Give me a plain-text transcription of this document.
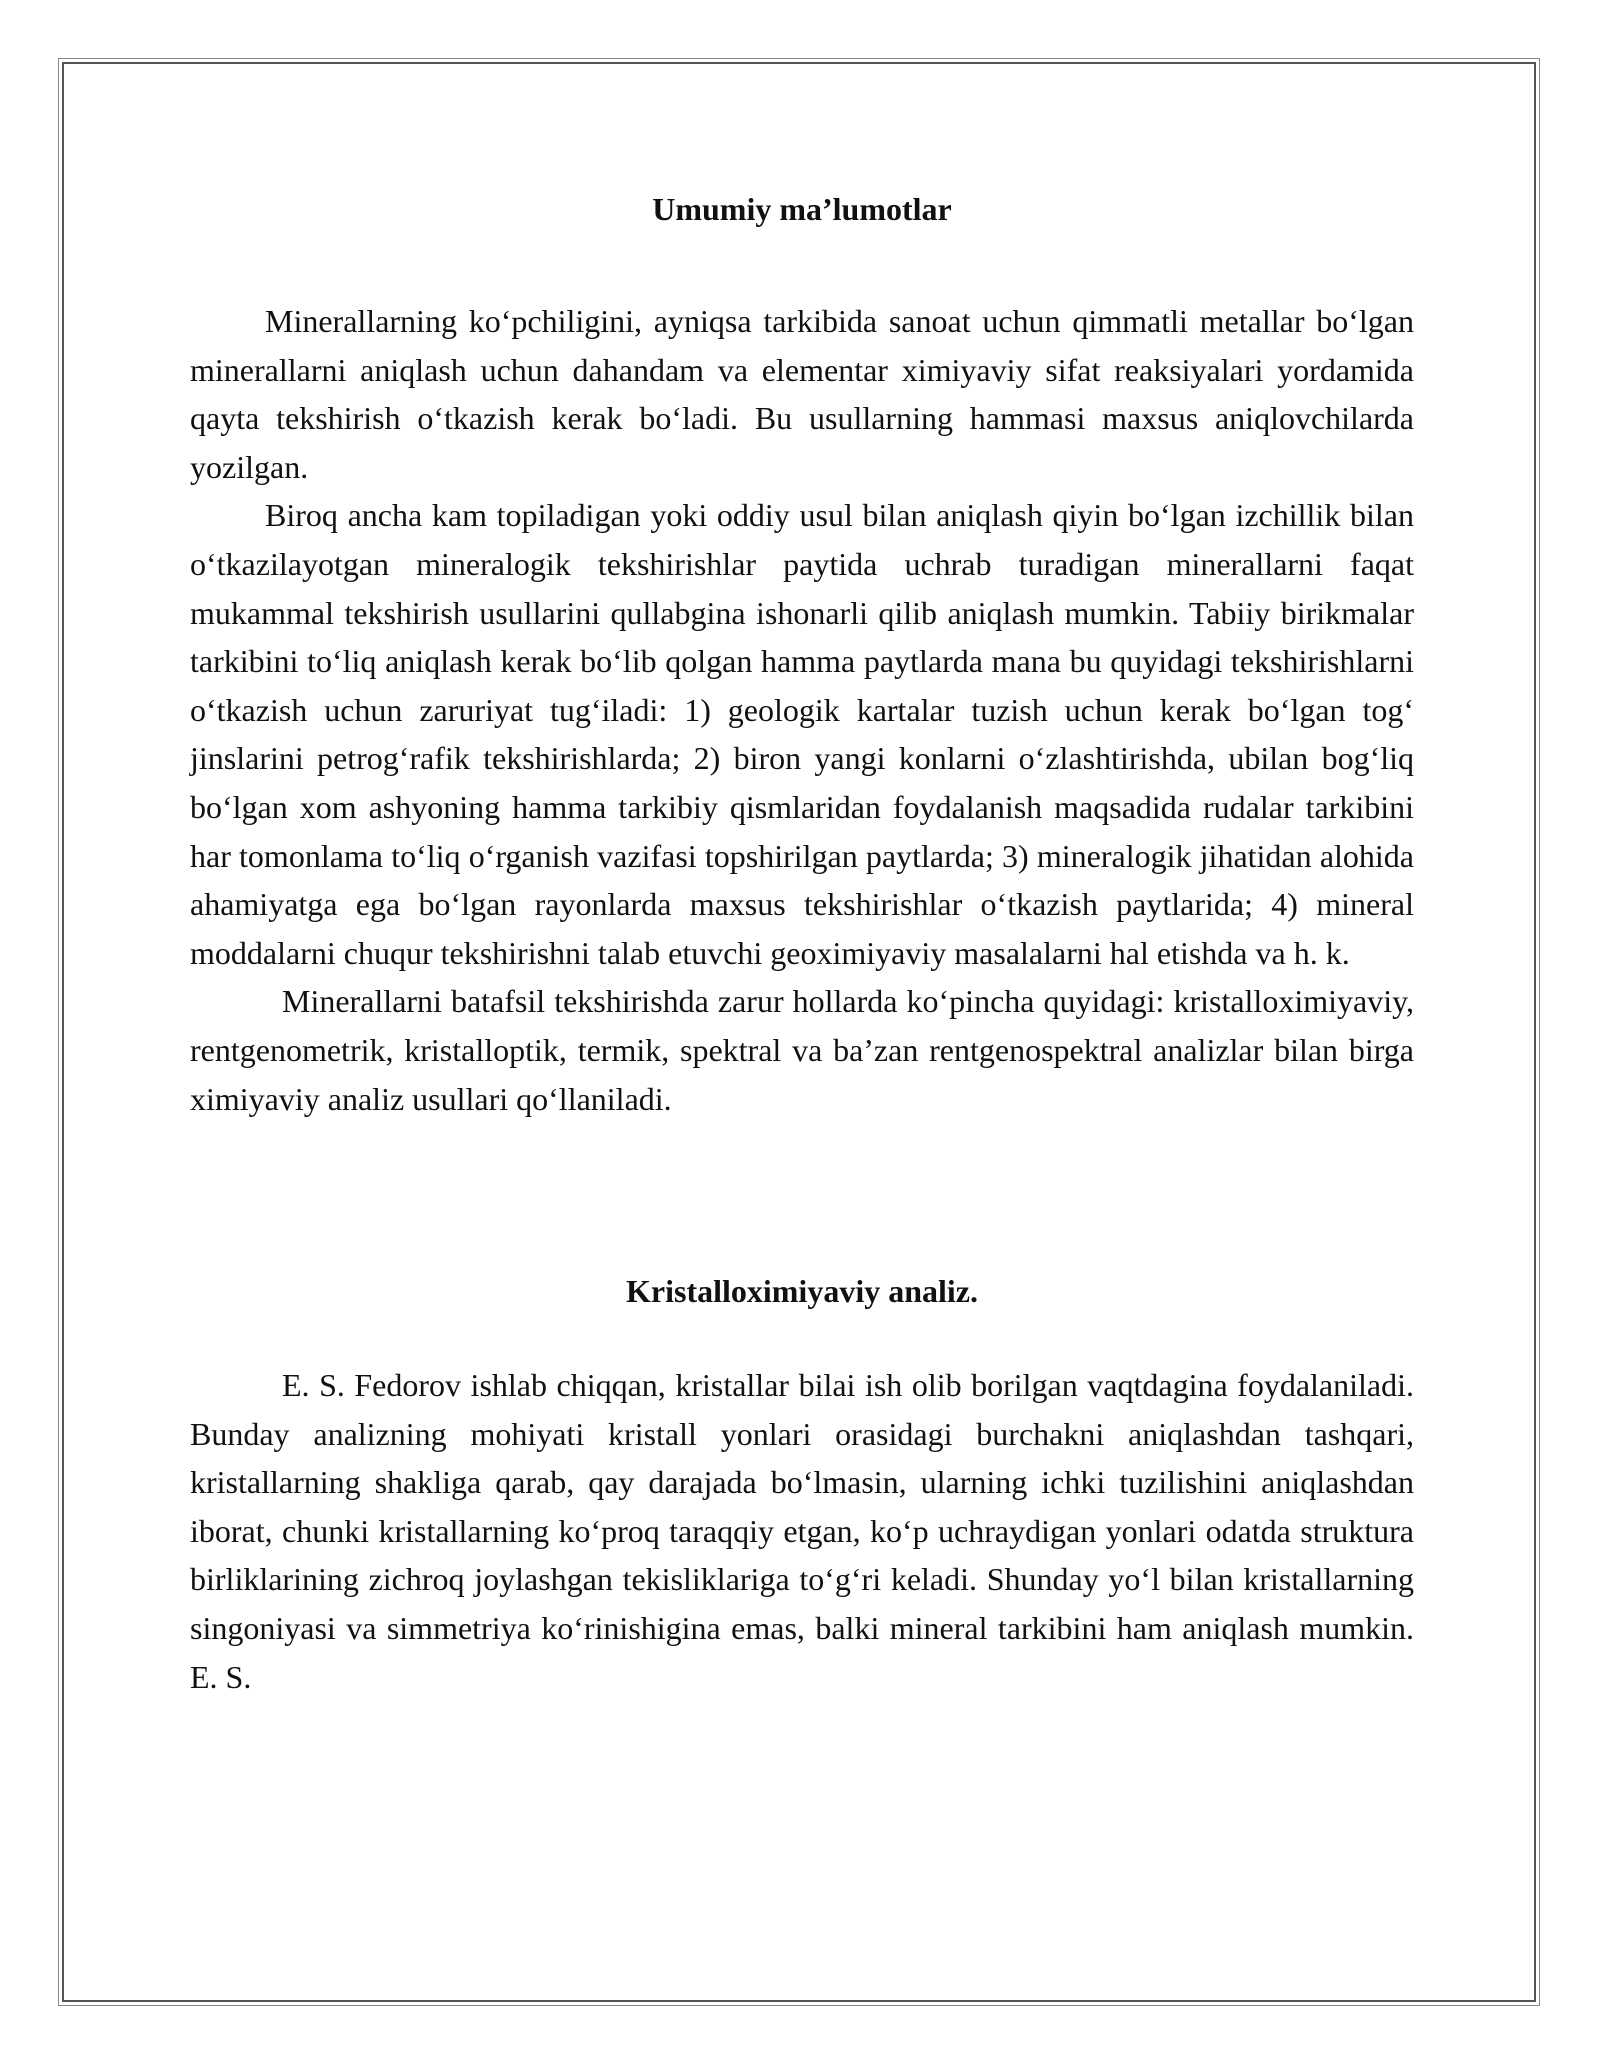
Umumiy ma’lumotlar

Minerallarning ko‘pchiligini, ayniqsa tarkibida sanoat uchun qimmatli metallar bo‘lgan minerallarni aniqlash uchun dahandam va elementar ximiyaviy sifat reaksiyalari yordamida qayta tekshirish o‘tkazish kerak bo‘ladi. Bu usullarning hammasi maxsus aniqlovchilarda yozilgan.

Biroq ancha kam topiladigan yoki oddiy usul bilan aniqlash qiyin bo‘lgan izchillik bilan o‘tkazilayotgan mineralogik tekshirishlar paytida uchrab turadigan minerallarni faqat mukammal tekshirish usullarini qullabgina ishonarli qilib aniqlash mumkin. Tabiiy birikmalar tarkibini to‘liq aniqlash kerak bo‘lib qolgan hamma paytlarda mana bu quyidagi tekshirishlarni o‘tkazish uchun zaruriyat tug‘iladi: 1) geologik kartalar tuzish uchun kerak bo‘lgan tog‘ jinslarini petrog‘rafik tekshirishlarda; 2) biron yangi konlarni o‘zlashtirishda, ubilan bog‘liq bo‘lgan xom ashyoning hamma tarkibiy qismlaridan foydalanish maqsadida rudalar tarkibini har tomonlama to‘liq o‘rganish vazifasi topshirilgan paytlarda; 3) mineralogik jihatidan alohida ahamiyatga ega bo‘lgan rayonlarda maxsus tekshirishlar o‘tkazish paytlarida; 4) mineral moddalarni chuqur tekshirishni talab etuvchi geoximiyaviy masalalarni hal etishda va h. k.

Minerallarni batafsil tekshirishda zarur hollarda ko‘pincha quyidagi: kristalloximiyaviy, rentgenometrik, kristalloptik, termik, spektral va ba’zan rentgenospektral analizlar bilan birga ximiyaviy analiz usullari qo‘llaniladi.

Kristalloximiyaviy analiz.

E. S. Fedorov ishlab chiqqan, kristallar bilai ish olib borilgan vaqtdagina foydalaniladi. Bunday analizning mohiyati kristall yonlari orasidagi burchakni aniqlashdan tashqari, kristallarning shakliga qarab, qay darajada bo‘lmasin, ularning ichki tuzilishini aniqlashdan iborat, chunki kristallarning ko‘proq taraqqiy etgan, ko‘p uchraydigan yonlari odatda struktura birliklarining zichroq joylashgan tekisliklariga to‘g‘ri keladi. Shunday yo‘l bilan kristallarning singoniyasi va simmetriya ko‘rinishigina emas, balki mineral tarkibini ham aniqlash mumkin. E. S.
